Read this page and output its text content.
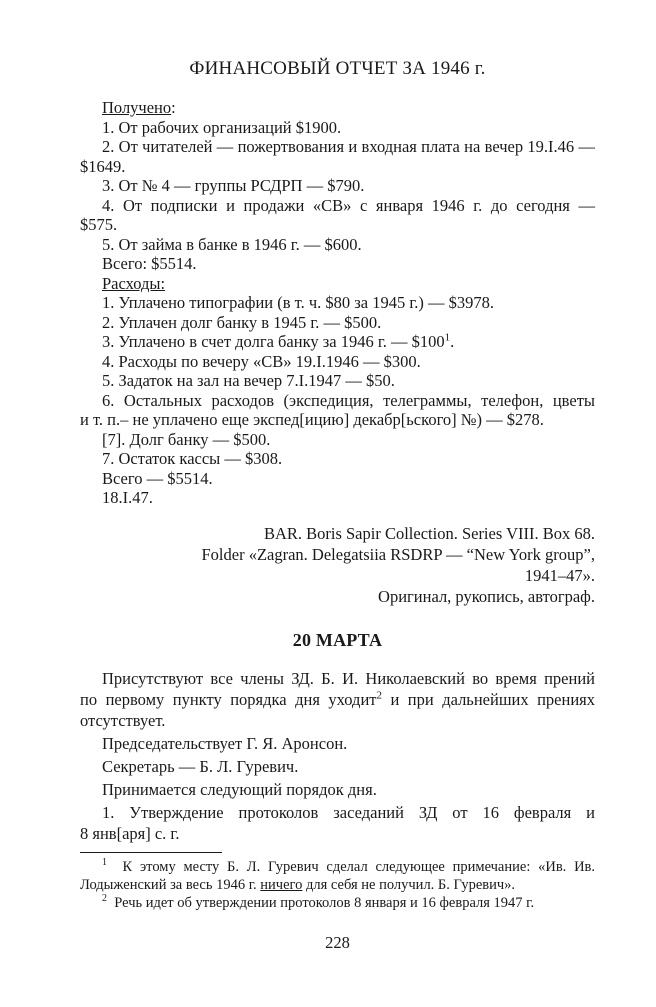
ФИНАНСОВЫЙ ОТЧЕТ ЗА 1946 г.
Получено:
1. От рабочих организаций $1900.
2. От читателей — пожертвования и входная плата на вечер 19.I.46 —
$1649.
3. От № 4 — группы РСДРП — $790.
4. От подписки и продажи «СВ» с января 1946 г. до сегодня —
$575.
5. От займа в банке в 1946 г. — $600.
Всего: $5514.
Расходы:
1. Уплачено типографии (в т. ч. $80 за 1945 г.) — $3978.
2. Уплачен долг банку в 1945 г. — $500.
3. Уплачено в счет долга банку за 1946 г. — $\$100^1$.
4. Расходы по вечеру «СВ» 19.I.1946 — $300.
5. Задаток на зал на вечер 7.I.1947 — $50.
6. Остальных расходов (экспедиция, телеграммы, телефон, цветы
и т. п.– не уплачено еще экспед[ицию] декабр[ьского] №) — $278.
[7]. Долг банку — $500.
7. Остаток кассы — $308.
Всего — $5514.
18.I.47.
BAR. Boris Sapir Collection. Series VIII. Box 68.
Folder «Zagran. Delegatsiia RSDRP — “New York group”,
1941–47».
Оригинал, рукопись, автограф.
20 МАРТА
Присутствуют все члены ЗД. Б. И. Николаевский во время прений
по первому пункту порядка дня уходит$^2$ и при дальнейших прениях
отсутствует.
Председательствует Г. Я. Аронсон.
Секретарь — Б. Л. Гуревич.
Принимается следующий порядок дня.
1. Утверждение протоколов заседаний ЗД от 16 февраля и
8 янв[аря] с. г.
$^1$ К этому месту Б. Л. Гуревич сделал следующее примечание: «Ив. Ив.
Лодыженский за весь 1946 г. ничего для себя не получил. Б. Гуревич».
$^2$ Речь идет об утверждении протоколов 8 января и 16 февраля 1947 г.
228
